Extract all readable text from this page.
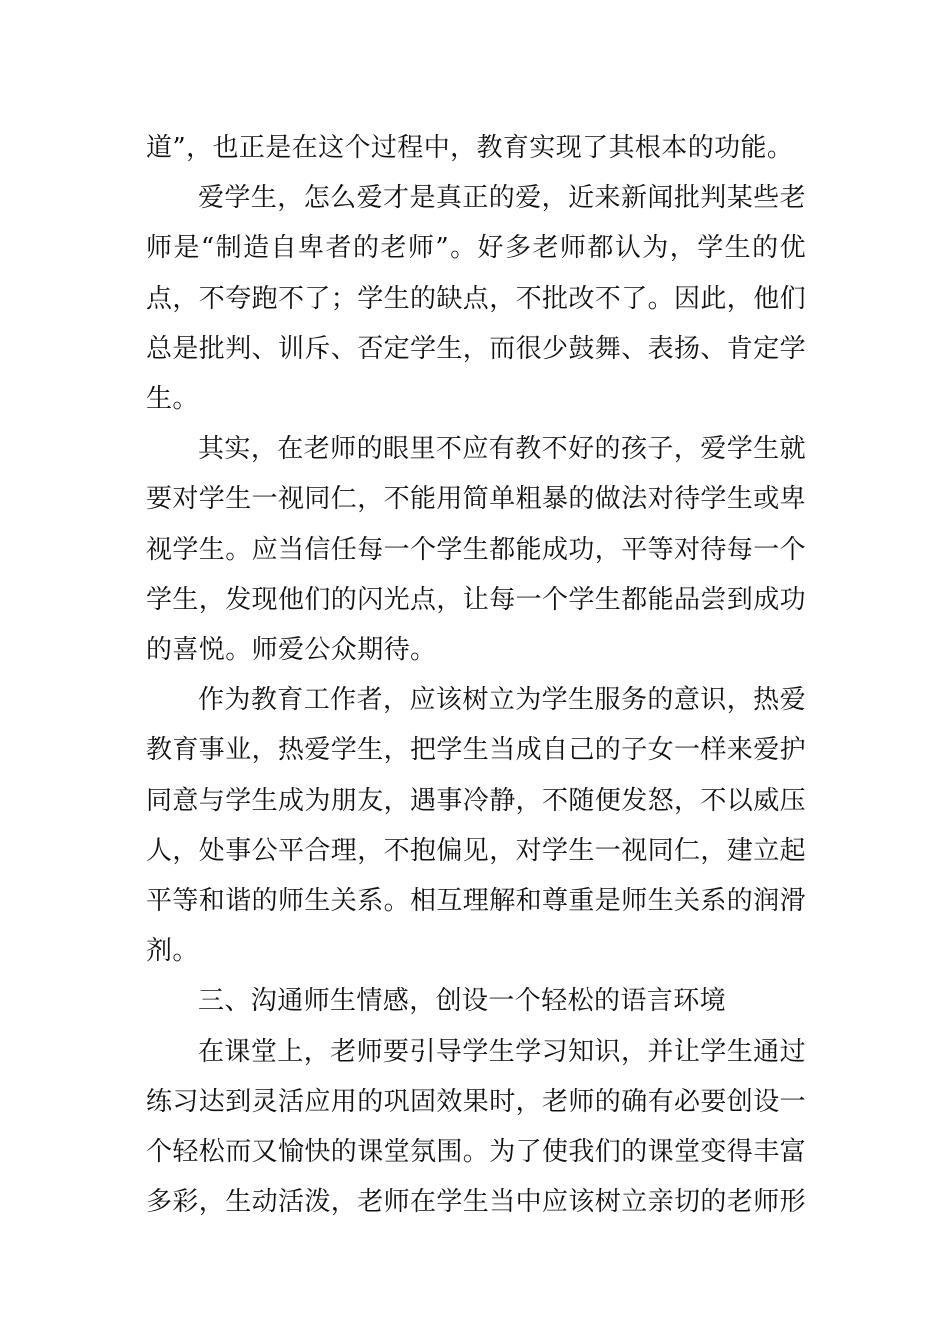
道”，也正是在这个过程中，教育实现了其根本的功能。

爱学生，怎么爱才是真正的爱，近来新闻批判某些老师是“制造自卑者的老师”。好多老师都认为，学生的优点，不夸跑不了；学生的缺点，不批改不了。因此，他们总是批判、训斥、否定学生，而很少鼓舞、表扬、肯定学生。

其实，在老师的眼里不应有教不好的孩子，爱学生就要对学生一视同仁，不能用简单粗暴的做法对待学生或卑视学生。应当信任每一个学生都能成功，平等对待每一个学生，发现他们的闪光点，让每一个学生都能品尝到成功的喜悦。师爱公众期待。

作为教育工作者，应该树立为学生服务的意识，热爱教育事业，热爱学生，把学生当成自己的子女一样来爱护同意与学生成为朋友，遇事冷静，不随便发怒，不以威压人，处事公平合理，不抱偏见，对学生一视同仁，建立起平等和谐的师生关系。相互理解和尊重是师生关系的润滑剂。

三、沟通师生情感，创设一个轻松的语言环境

在课堂上，老师要引导学生学习知识，并让学生通过练习达到灵活应用的巩固效果时，老师的确有必要创设一个轻松而又愉快的课堂氛围。为了使我们的课堂变得丰富多彩，生动活泼，老师在学生当中应该树立亲切的老师形
